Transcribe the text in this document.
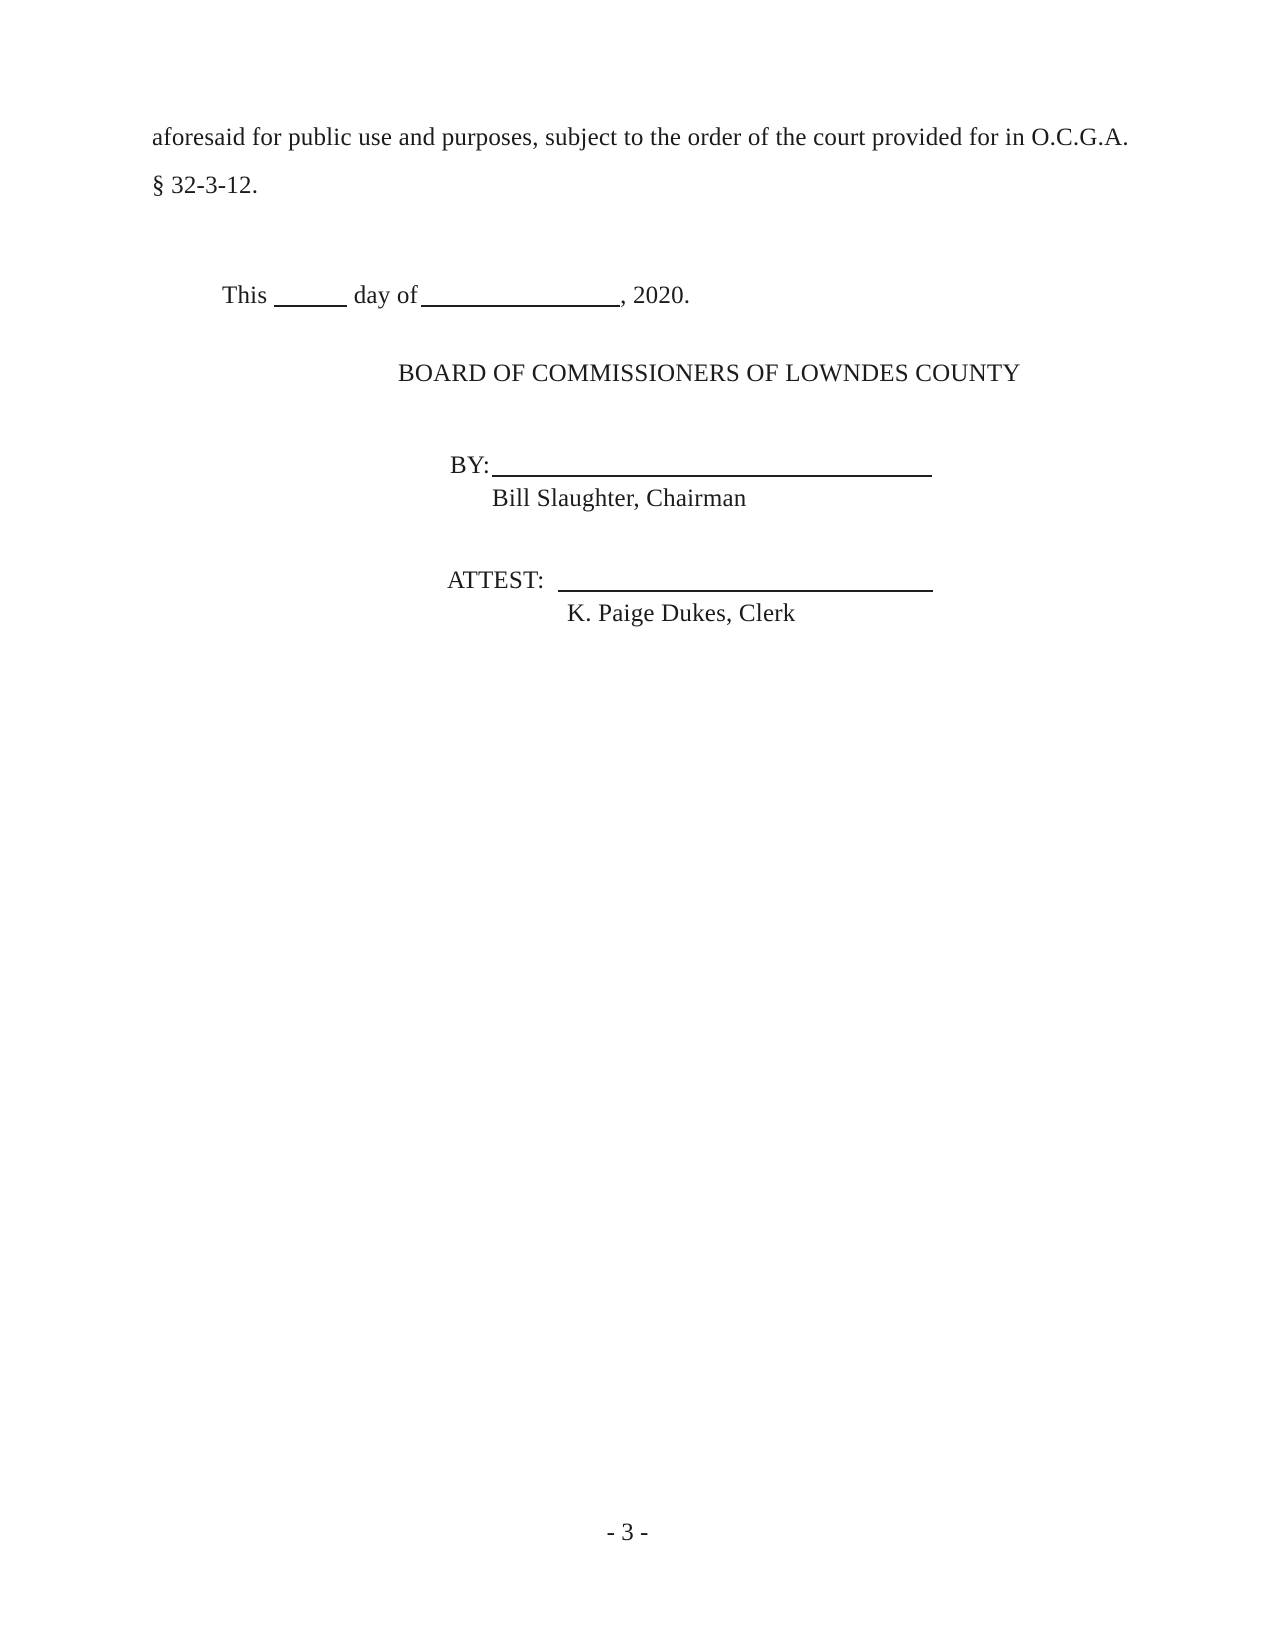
aforesaid for public use and purposes, subject to the order of the court provided for in O.C.G.A.
§ 32-3-12.
This	day of	, 2020.
BOARD OF COMMISSIONERS OF LOWNDES COUNTY
BY:
Bill Slaughter, Chairman
ATTEST:
K. Paige Dukes, Clerk
- 3 -
